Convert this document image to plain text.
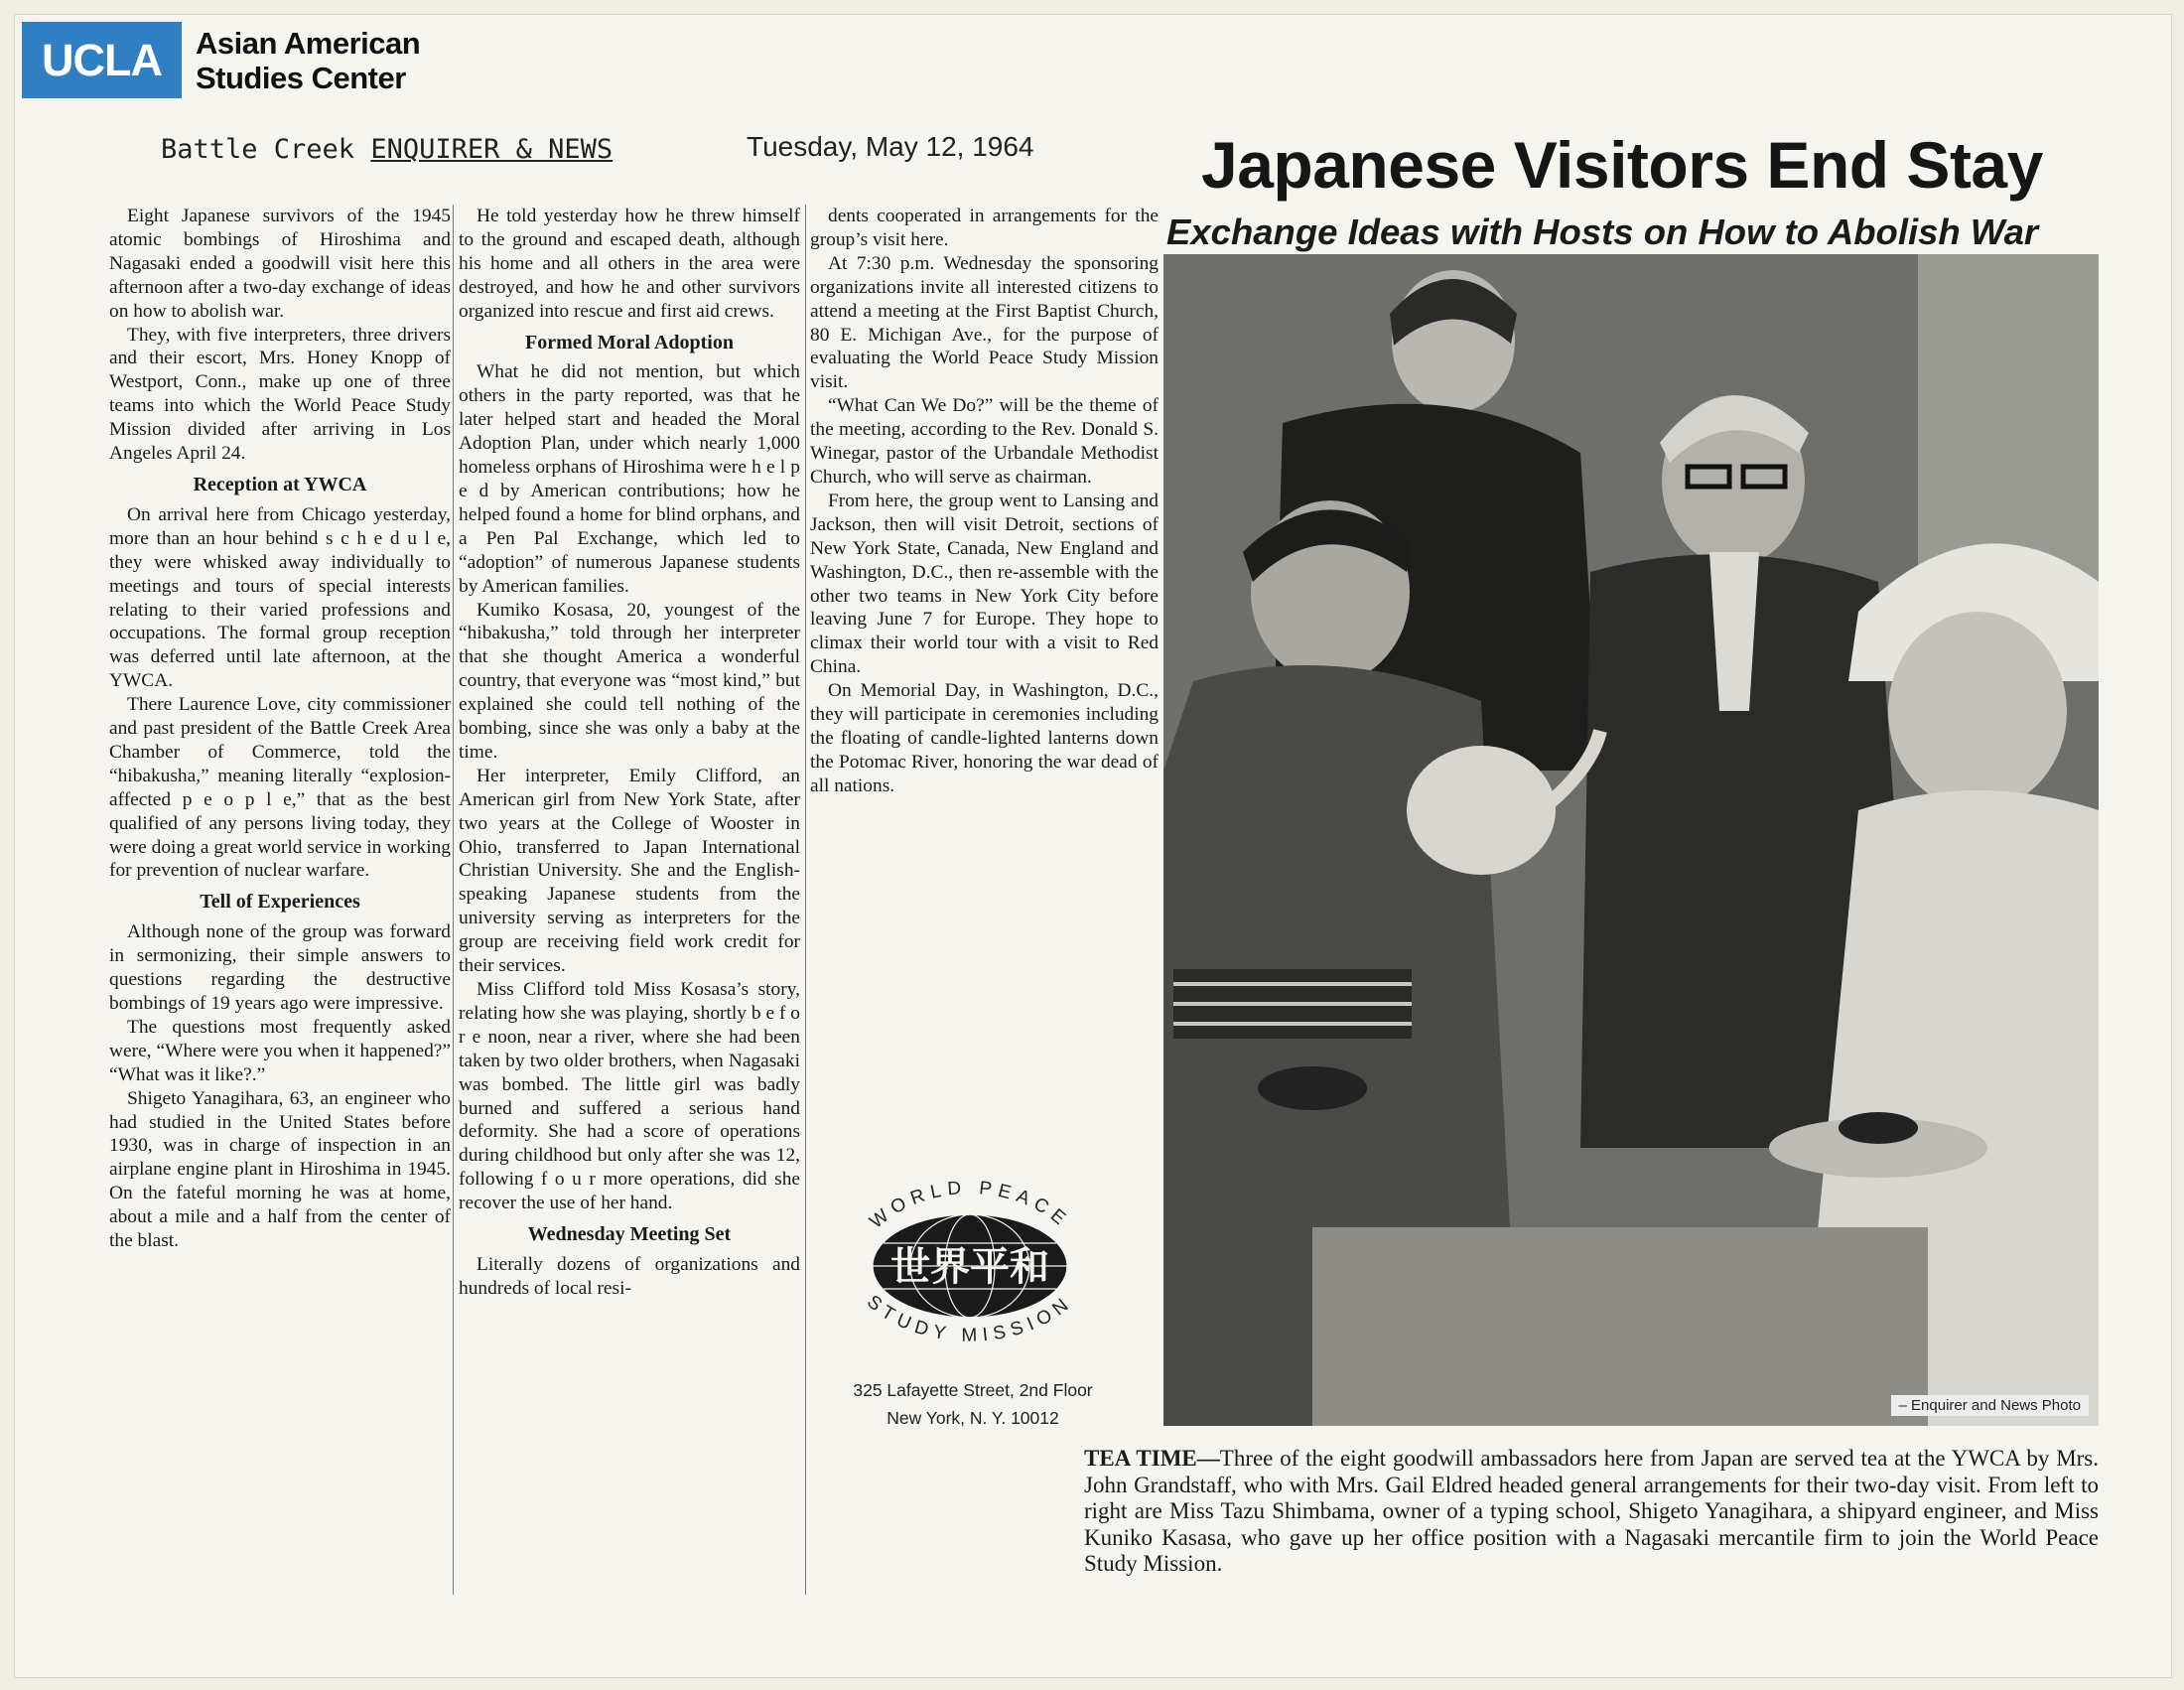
UCLA	Asian American
Studies Center
Battle Creek ENQUIRER & NEWS	Tuesday, May 12, 1964	Japanese Visitors End Stay
Exchange Ideas with Hosts on How to Abolish War

Eight Japanese survivors of the 1945 atomic bombings of Hiroshima and Nagasaki ended a goodwill visit here this afternoon after a two-day exchange of ideas on how to abolish war.

They, with five interpreters, three drivers and their escort, Mrs. Honey Knopp of Westport, Conn., make up one of three teams into which the World Peace Study Mission divided after arriving in Los Angeles April 24.

Reception at YWCA

On arrival here from Chicago yesterday, more than an hour behind s c h e d u l e, they were whisked away individually to meetings and tours of special interests relating to their varied professions and occupations. The formal group reception was deferred until late afternoon, at the YWCA.

There Laurence Love, city commissioner and past president of the Battle Creek Area Chamber of Commerce, told the “hibakusha,” meaning literally “explosion-affected p e o p l e,” that as the best qualified of any persons living today, they were doing a great world service in working for prevention of nuclear warfare.

Tell of Experiences

Although none of the group was forward in sermonizing, their simple answers to questions regarding the destructive bombings of 19 years ago were impressive.

The questions most frequently asked were, “Where were you when it happened?” “What was it like?.”

Shigeto Yanagihara, 63, an engineer who had studied in the United States before 1930, was in charge of inspection in an airplane engine plant in Hiroshima in 1945. On the fateful morning he was at home, about a mile and a half from the center of the blast.

He told yesterday how he threw himself to the ground and escaped death, although his home and all others in the area were destroyed, and how he and other survivors organized into rescue and first aid crews.

Formed Moral Adoption

What he did not mention, but which others in the party reported, was that he later helped start and headed the Moral Adoption Plan, under which nearly 1,000 homeless orphans of Hiroshima were h e l p e d by American contributions; how he helped found a home for blind orphans, and a Pen Pal Exchange, which led to “adoption” of numerous Japanese students by American families.

Kumiko Kosasa, 20, youngest of the “hibakusha,” told through her interpreter that she thought America a wonderful country, that everyone was “most kind,” but explained she could tell nothing of the bombing, since she was only a baby at the time.

Her interpreter, Emily Clifford, an American girl from New York State, after two years at the College of Wooster in Ohio, transferred to Japan International Christian University. She and the English-speaking Japanese students from the university serving as interpreters for the group are receiving field work credit for their services.

Miss Clifford told Miss Kosasa’s story, relating how she was playing, shortly b e f o r e noon, near a river, where she had been taken by two older brothers, when Nagasaki was bombed. The little girl was badly burned and suffered a serious hand deformity. She had a score of operations during childhood but only after she was 12, following f o u r more operations, did she recover the use of her hand.

Wednesday Meeting Set

Literally dozens of organizations and hundreds of local resi-

dents cooperated in arrangements for the group’s visit here.

At 7:30 p.m. Wednesday the sponsoring organizations invite all interested citizens to attend a meeting at the First Baptist Church, 80 E. Michigan Ave., for the purpose of evaluating the World Peace Study Mission visit.

“What Can We Do?” will be the theme of the meeting, according to the Rev. Donald S. Winegar, pastor of the Urbandale Methodist Church, who will serve as chairman.

From here, the group went to Lansing and Jackson, then will visit Detroit, sections of New York State, Canada, New England and Washington, D.C., then re-assemble with the other two teams in New York City before leaving June 7 for Europe. They hope to climax their world tour with a visit to Red China.

On Memorial Day, in Washington, D.C., they will participate in ceremonies including the floating of candle-lighted lanterns down the Potomac River, honoring the war dead of all nations.

WORLD PEACE
STUDY MISSION
世界平和
325 Lafayette Street, 2nd Floor
New York, N. Y. 10012
– Enquirer and News Photo
TEA TIME—Three of the eight goodwill ambassadors here from Japan are served tea at the YWCA by Mrs. John Grandstaff, who with Mrs. Gail Eldred headed general arrangements for their two-day visit. From left to right are Miss Tazu Shimbama, owner of a typing school, Shigeto Yanagihara, a shipyard engineer, and Miss Kuniko Kasasa, who gave up her office position with a Nagasaki mercantile firm to join the World Peace Study Mission.
